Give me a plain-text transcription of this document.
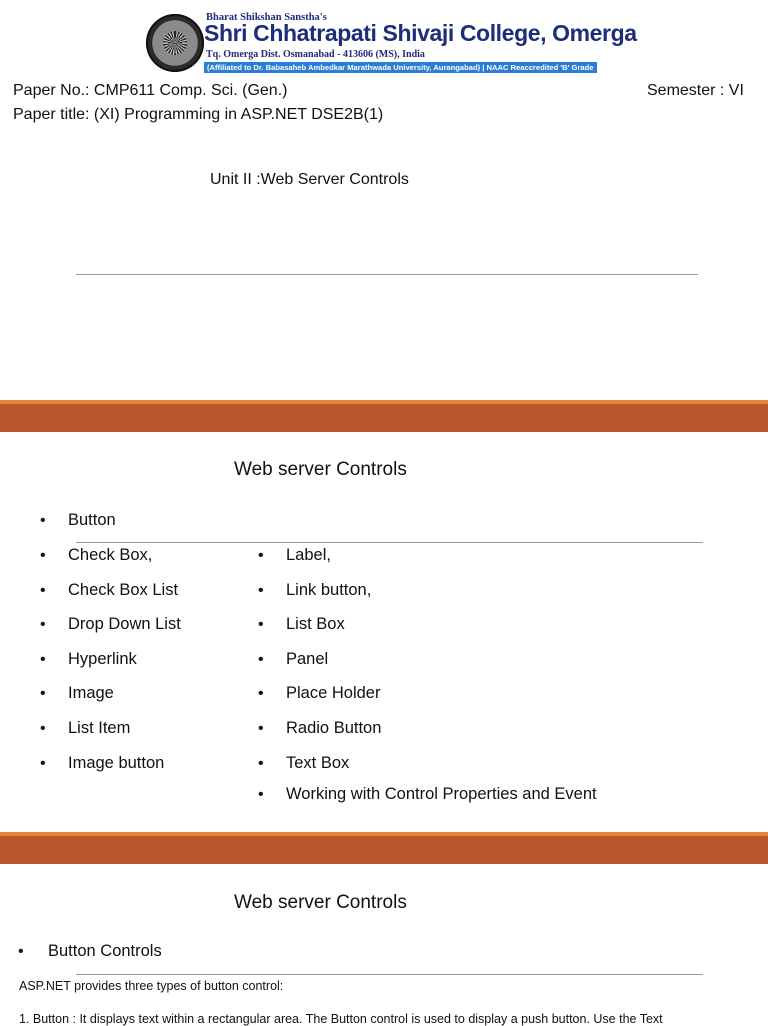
Bharat Shikshan Sanstha's
Shri Chhatrapati Shivaji College, Omerga
Tq. Omerga Dist. Osmanabad - 413606 (MS), India
(Affiliated to Dr. Babasaheb Ambedkar Marathwada University, Aurangabad) | NAAC Reaccredited 'B' Grade
Paper No.: CMP611 Comp. Sci. (Gen.)	Semester : VI
Paper title: (XI) Programming in ASP.NET DSE2B(1)
Unit II :Web Server Controls
Web server Controls
•	Button
•	Check Box,
•	Check Box List
•	Drop Down List
•	Hyperlink
•	Image
•	List Item
•	Image button
•	Label,
•	Link button,
•	List Box
•	Panel
•	Place Holder
•	Radio Button
•	Text Box
•	Working with Control Properties and Event
Web server Controls
•	Button Controls
ASP.NET provides three types of button control:
1. Button : It displays text within a rectangular area. The Button control is used to display a push button. Use the Text
